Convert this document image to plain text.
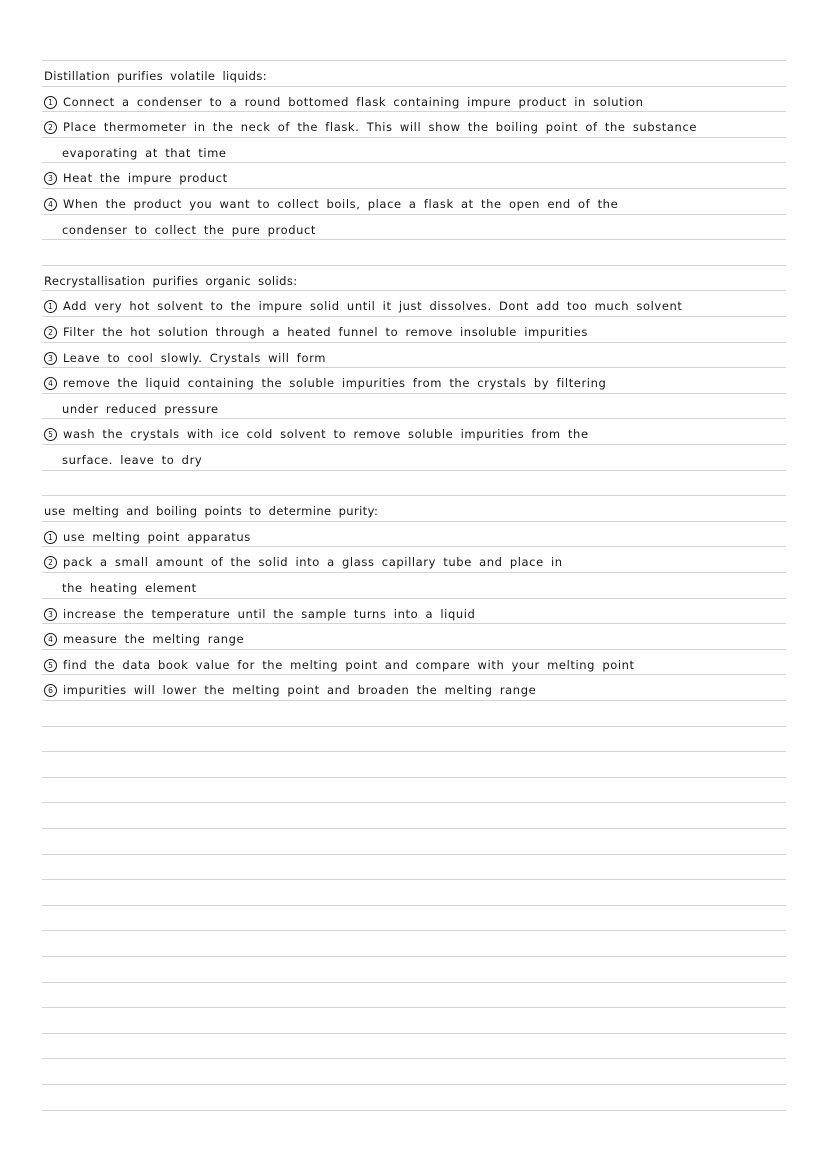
Distillation purifies volatile liquids:
1 Connect a condenser to a round bottomed flask containing impure product in solution
2 Place thermometer in the neck of the flask. This will show the boiling point of the substance
evaporating at that time
3 Heat the impure product
4 When the product you want to collect boils, place a flask at the open end of the
condenser to collect the pure product
Recrystallisation purifies organic solids:
1 Add very hot solvent to the impure solid until it just dissolves. Dont add too much solvent
2 Filter the hot solution through a heated funnel to remove insoluble impurities
3 Leave to cool slowly. Crystals will form
4 remove the liquid containing the soluble impurities from the crystals by filtering
under reduced pressure
5 wash the crystals with ice cold solvent to remove soluble impurities from the
surface. leave to dry
use melting and boiling points to determine purity:
1 use melting point apparatus
2 pack a small amount of the solid into a glass capillary tube and place in
the heating element
3 increase the temperature until the sample turns into a liquid
4 measure the melting range
5 find the data book value for the melting point and compare with your melting point
6 impurities will lower the melting point and broaden the melting range
